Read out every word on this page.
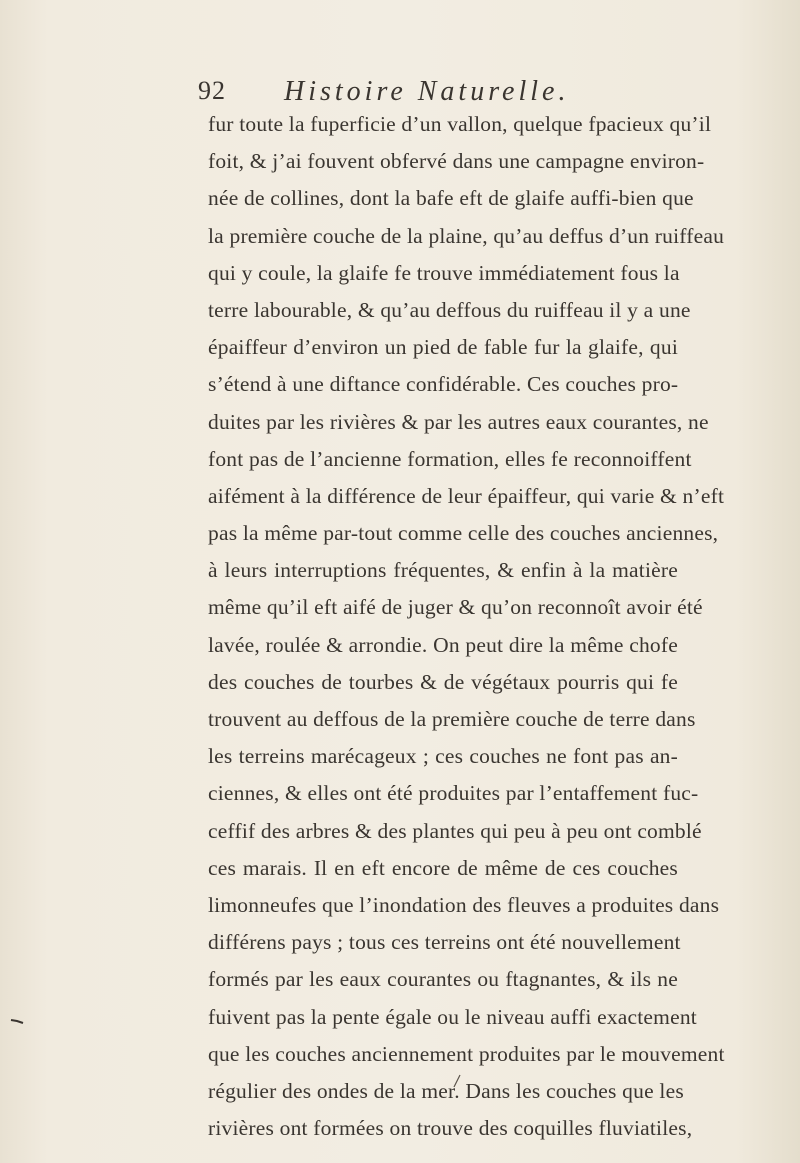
92 Histoire Naturelle.
fur toute la fuperficie d’un vallon, quelque fpacieux qu’il
foit, & j’ai fouvent obfervé dans une campagne environ-
née de collines, dont la bafe eft de glaife auffi-bien que
la première couche de la plaine, qu’au deffus d’un ruiffeau
qui y coule, la glaife fe trouve immédiatement fous la
terre labourable, & qu’au deffous du ruiffeau il y a une
épaiffeur d’environ un pied de fable fur la glaife, qui
s’étend à une diftance confidérable. Ces couches pro-
duites par les rivières & par les autres eaux courantes, ne
font pas de l’ancienne formation, elles fe reconnoiffent
aifément à la différence de leur épaiffeur, qui varie & n’eft
pas la même par-tout comme celle des couches anciennes,
à leurs interruptions fréquentes, & enfin à la matière
même qu’il eft aifé de juger & qu’on reconnoît avoir été
lavée, roulée & arrondie. On peut dire la même chofe
des couches de tourbes & de végétaux pourris qui fe
trouvent au deffous de la première couche de terre dans
les terreins marécageux ; ces couches ne font pas an-
ciennes, & elles ont été produites par l’entaffement fuc-
ceffif des arbres & des plantes qui peu à peu ont comblé
ces marais. Il en eft encore de même de ces couches
limonneufes que l’inondation des fleuves a produites dans
différens pays ; tous ces terreins ont été nouvellement
formés par les eaux courantes ou ftagnantes, & ils ne
fuivent pas la pente égale ou le niveau auffi exactement
que les couches anciennement produites par le mouvement
régulier des ondes de la mer. Dans les couches que les
rivières ont formées on trouve des coquilles fluviatiles,
